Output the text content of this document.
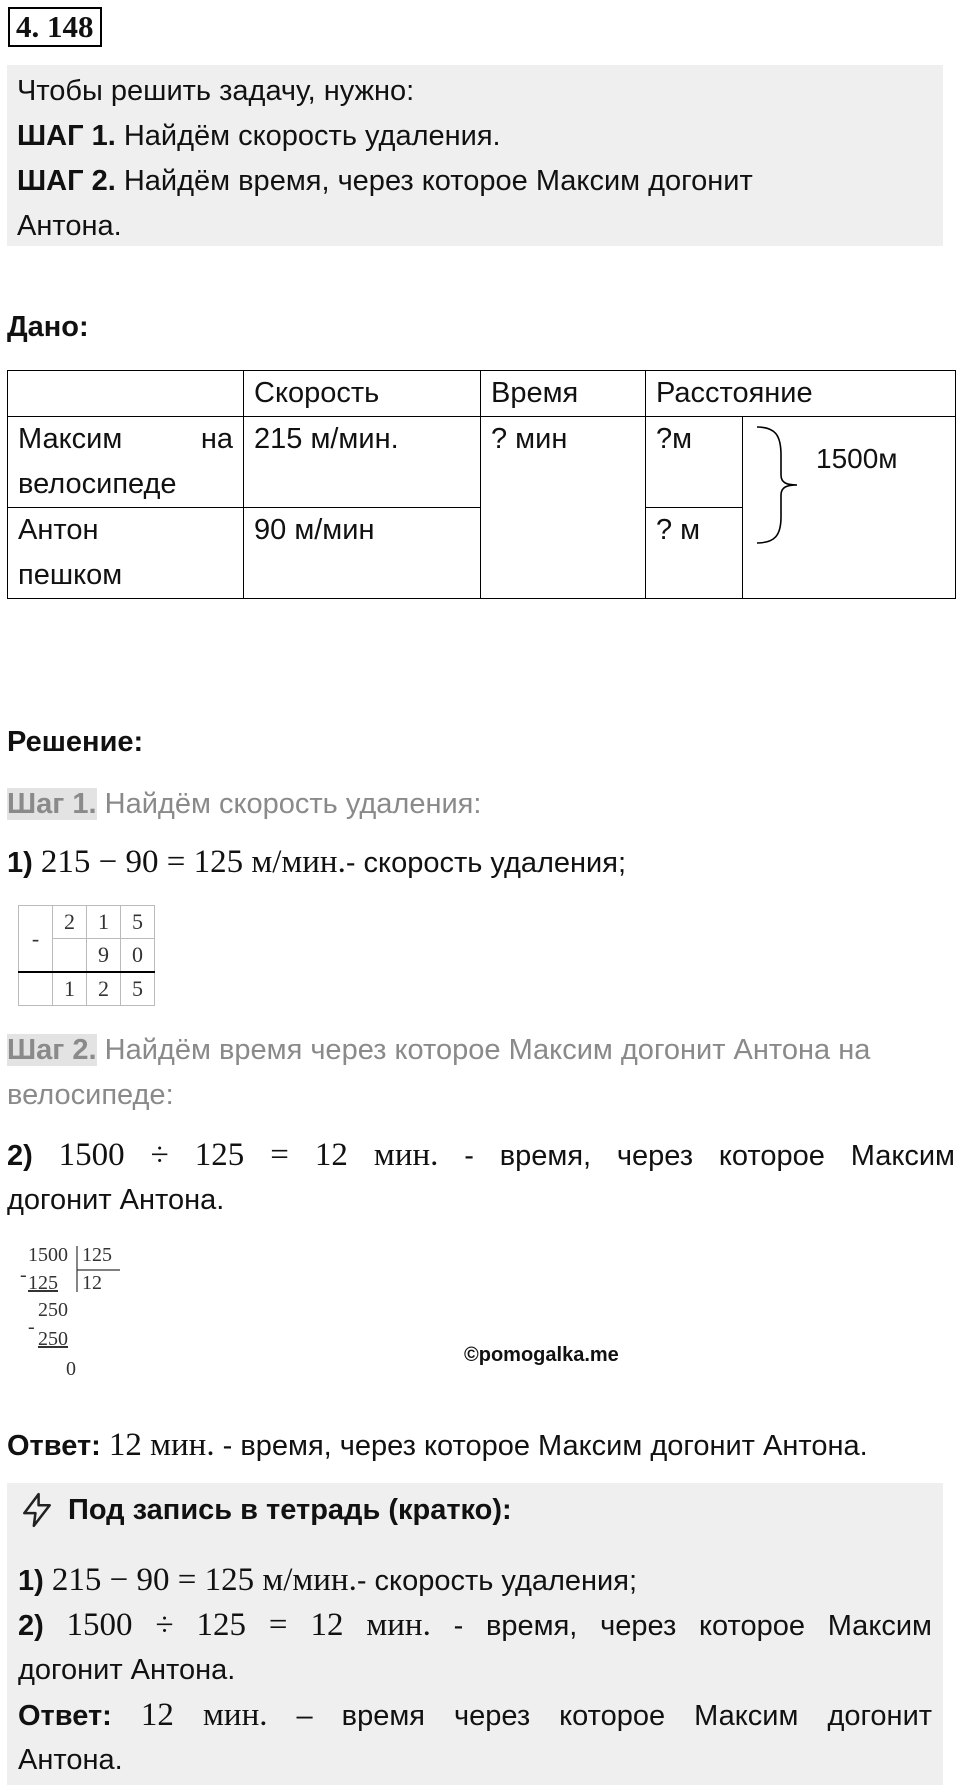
4. 148

Чтобы решить задачу, нужно:

ШАГ 1. Найдём скорость удаления.

ШАГ 2. Найдём время, через которое Максим догонит

Антона.

Дано:
	Скорость	Время	Расстояние	

Максим на
велосипеде	215 м/мин.	? мин	?м	

Антон
пешком	90 м/мин		? м	
1500м
Решение:
Шаг 1. Найдём скорость удаления:
1) 215 − 90 = 125 м/мин.- скорость удаления;
-	2	1	5
		9	0
	1	2	5
Шаг 2. Найдём время через которое Максим догонит Антона на велосипеде:
2) 1500 ÷ 125 = 12 мин. - время, через которое Максим
догонит Антона.
1500 125
- 125 12
250
-
250
0
©pomogalka.me
Ответ: 12 мин. - время, через которое Максим догонит Антона.
Под запись в тетрадь (кратко):
1) 215 − 90 = 125 м/мин.- скорость удаления;
2) 1500 ÷ 125 = 12 мин. - время, через которое Максим
догонит Антона.
Ответ: 12 мин. – время через которое Максим догонит
Антона.
